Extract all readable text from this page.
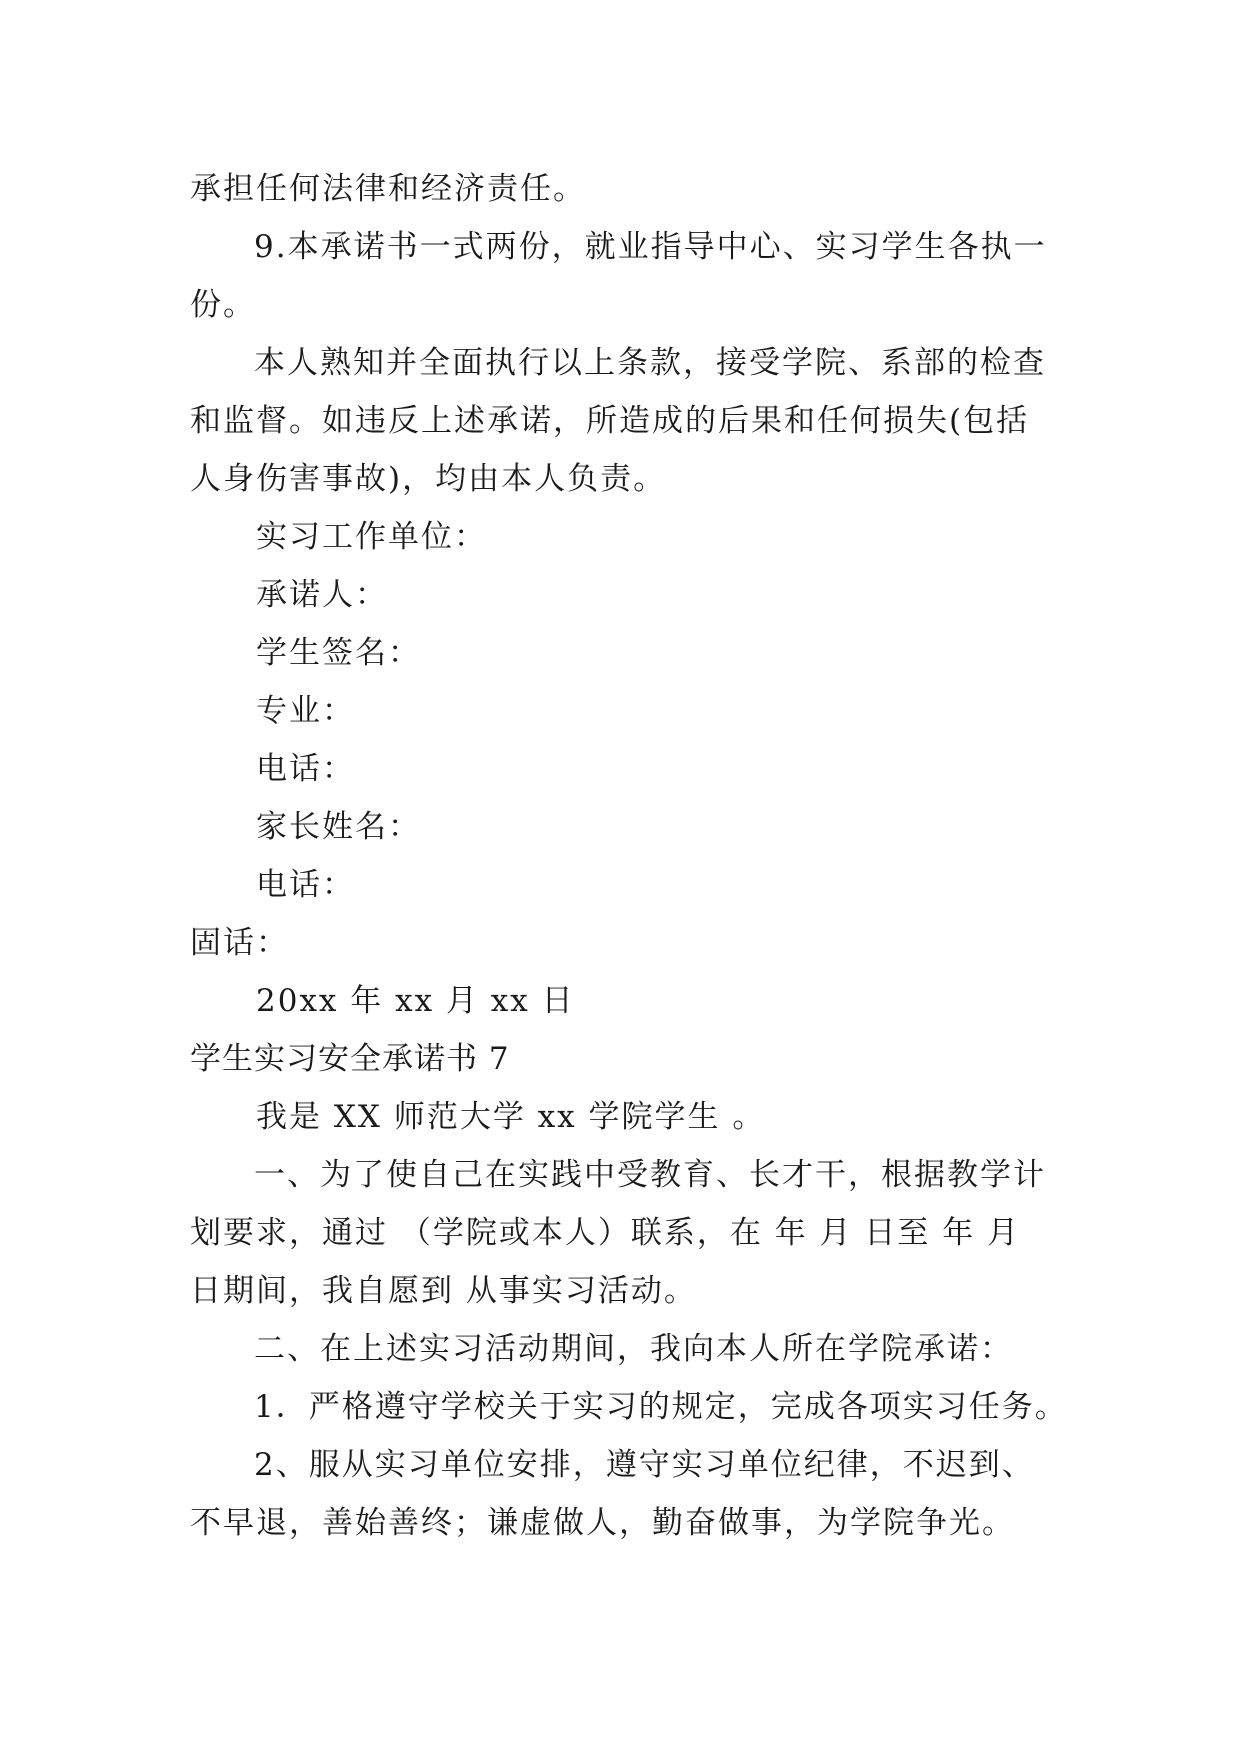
承担任何法律和经济责任。
9.本承诺书一式两份，就业指导中心、实习学生各执一
份。
本人熟知并全面执行以上条款，接受学院、系部的检查
和监督。如违反上述承诺，所造成的后果和任何损失(包括
人身伤害事故)，均由本人负责。
实习工作单位：
承诺人：
学生签名：
专业：
电话：
家长姓名：
电话：
固话：
20xx 年 xx 月 xx 日
学生实习安全承诺书 7
我是 XX 师范大学 xx 学院学生 。
一、为了使自己在实践中受教育、长才干，根据教学计
划要求，通过 （学院或本人）联系，在 年 月 日至 年 月
日期间，我自愿到 从事实习活动。
二、在上述实习活动期间，我向本人所在学院承诺：
1．严格遵守学校关于实习的规定，完成各项实习任务。
2、服从实习单位安排，遵守实习单位纪律，不迟到、
不早退，善始善终；谦虚做人，勤奋做事，为学院争光。
